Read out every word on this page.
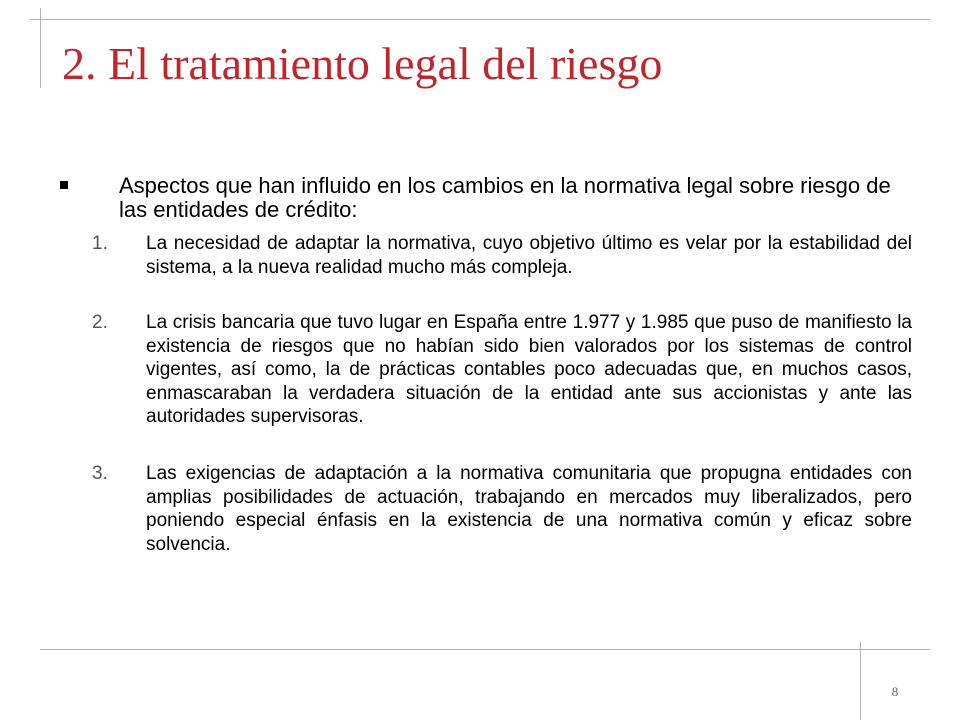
2. El tratamiento legal del riesgo
Aspectos que han influido en los cambios en la normativa legal sobre riesgo de las entidades de crédito:
1.	La necesidad de adaptar la normativa, cuyo objetivo último es velar por la estabilidad del sistema, a la nueva realidad mucho más compleja.
2.	La crisis bancaria que tuvo lugar en España entre 1.977 y 1.985 que puso de manifiesto la existencia de riesgos que no habían sido bien valorados por los sistemas de control vigentes, así como, la de prácticas contables poco adecuadas que, en muchos casos, enmascaraban la verdadera situación de la entidad ante sus accionistas y ante las autoridades supervisoras.
3.	Las exigencias de adaptación a la normativa comunitaria que propugna entidades con amplias posibilidades de actuación, trabajando en mercados muy liberalizados, pero poniendo especial énfasis en la existencia de una normativa común y eficaz sobre solvencia.
8
